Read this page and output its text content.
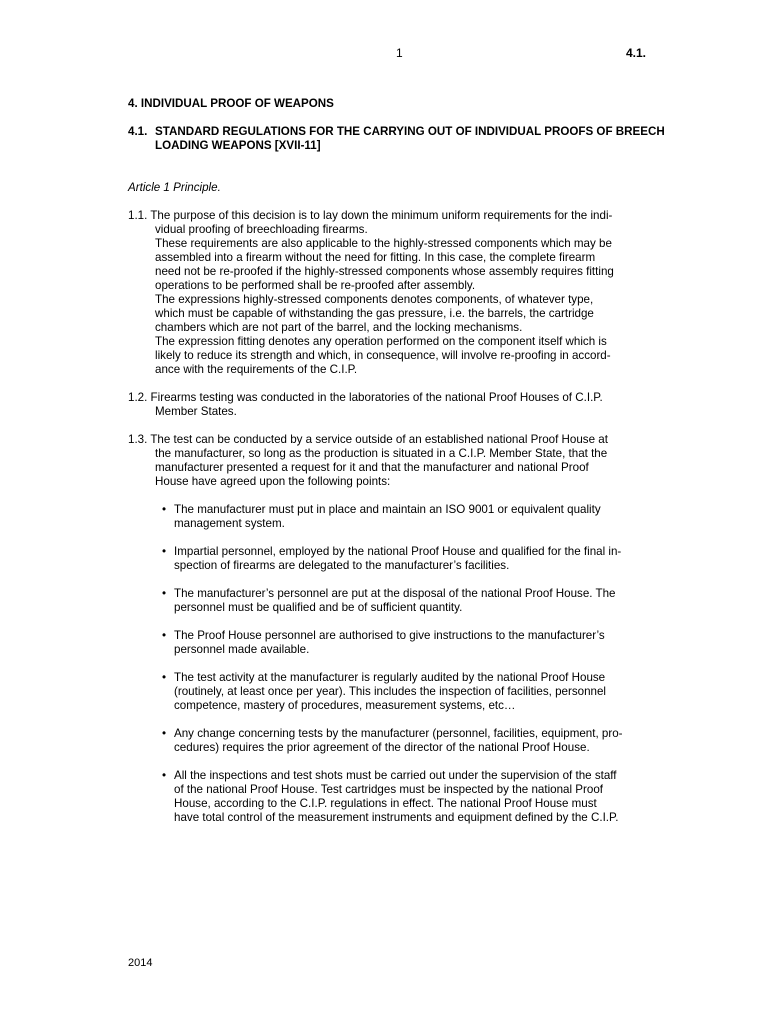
1	4.1.
4. INDIVIDUAL PROOF OF WEAPONS
4.1. STANDARD REGULATIONS FOR THE CARRYING OUT OF INDIVIDUAL PROOFS OF BREECH LOADING WEAPONS [XVII-11]
Article 1 Principle.
1.1. The purpose of this decision is to lay down the minimum uniform requirements for the indi-
vidual proofing of breechloading firearms.
These requirements are also applicable to the highly-stressed components which may be
assembled into a firearm without the need for fitting. In this case, the complete firearm
need not be re-proofed if the highly-stressed components whose assembly requires fitting
operations to be performed shall be re-proofed after assembly.
The expressions highly-stressed components denotes components, of whatever type,
which must be capable of withstanding the gas pressure, i.e. the barrels, the cartridge
chambers which are not part of the barrel, and the locking mechanisms.
The expression fitting denotes any operation performed on the component itself which is
likely to reduce its strength and which, in consequence, will involve re-proofing in accord-
ance with the requirements of the C.I.P.
1.2. Firearms testing was conducted in the laboratories of the national Proof Houses of C.I.P.
Member States.
1.3. The test can be conducted by a service outside of an established national Proof House at
the manufacturer, so long as the production is situated in a C.I.P. Member State, that the
manufacturer presented a request for it and that the manufacturer and national Proof
House have agreed upon the following points:
• The manufacturer must put in place and maintain an ISO 9001 or equivalent quality
management system.
• Impartial personnel, employed by the national Proof House and qualified for the final in-
spection of firearms are delegated to the manufacturer’s facilities.
• The manufacturer’s personnel are put at the disposal of the national Proof House. The
personnel must be qualified and be of sufficient quantity.
• The Proof House personnel are authorised to give instructions to the manufacturer’s
personnel made available.
• The test activity at the manufacturer is regularly audited by the national Proof House
(routinely, at least once per year). This includes the inspection of facilities, personnel
competence, mastery of procedures, measurement systems, etc…
• Any change concerning tests by the manufacturer (personnel, facilities, equipment, pro-
cedures) requires the prior agreement of the director of the national Proof House.
• All the inspections and test shots must be carried out under the supervision of the staff
of the national Proof House. Test cartridges must be inspected by the national Proof
House, according to the C.I.P. regulations in effect. The national Proof House must
have total control of the measurement instruments and equipment defined by the C.I.P.
2014
